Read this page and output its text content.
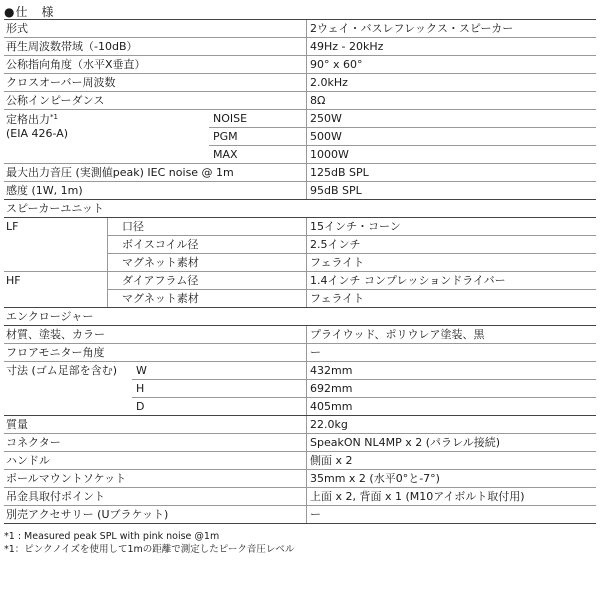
●仕　様
形式	2ウェイ・バスレフレックス・スピーカー
再生周波数帯域（-10dB）	49Hz - 20kHz
公称指向角度（水平X垂直）	90° x 60°
クロスオーバー周波数	2.0kHz
公称インピーダンス	8Ω
定格出力$^{*1}$
(EIA 426-A)
NOISE	250W
PGM	500W
MAX	1000W
最大出力音圧 (実測値peak) IEC noise @ 1m	125dB SPL
感度 (1W, 1m)	95dB SPL
スピーカーユニット
LF	口径	15インチ・コーン
ボイスコイル径	2.5インチ
マグネット素材	フェライト
HF	ダイアフラム径	1.4インチ コンプレッションドライバー
マグネット素材	フェライト
エンクロージャー
材質、塗装、カラー	プライウッド、ポリウレア塗装、黒
フロアモニター角度	ー
寸法 (ゴム足部を含む) W	432mm
H	692mm
D	405mm
質量	22.0kg
コネクター	SpeakON NL4MP x 2 (パラレル接続)
ハンドル	側面 x 2
ポールマウントソケット	35mm x 2 (水平0°と-7°)
吊金具取付ポイント	上面 x 2, 背面 x 1 (M10アイボルト取付用)
別売アクセサリー (Uブラケット)	ー
*1 : Measured peak SPL with pink noise @1m
*1：ピンクノイズを使用して1mの距離で測定したピーク音圧レベル
